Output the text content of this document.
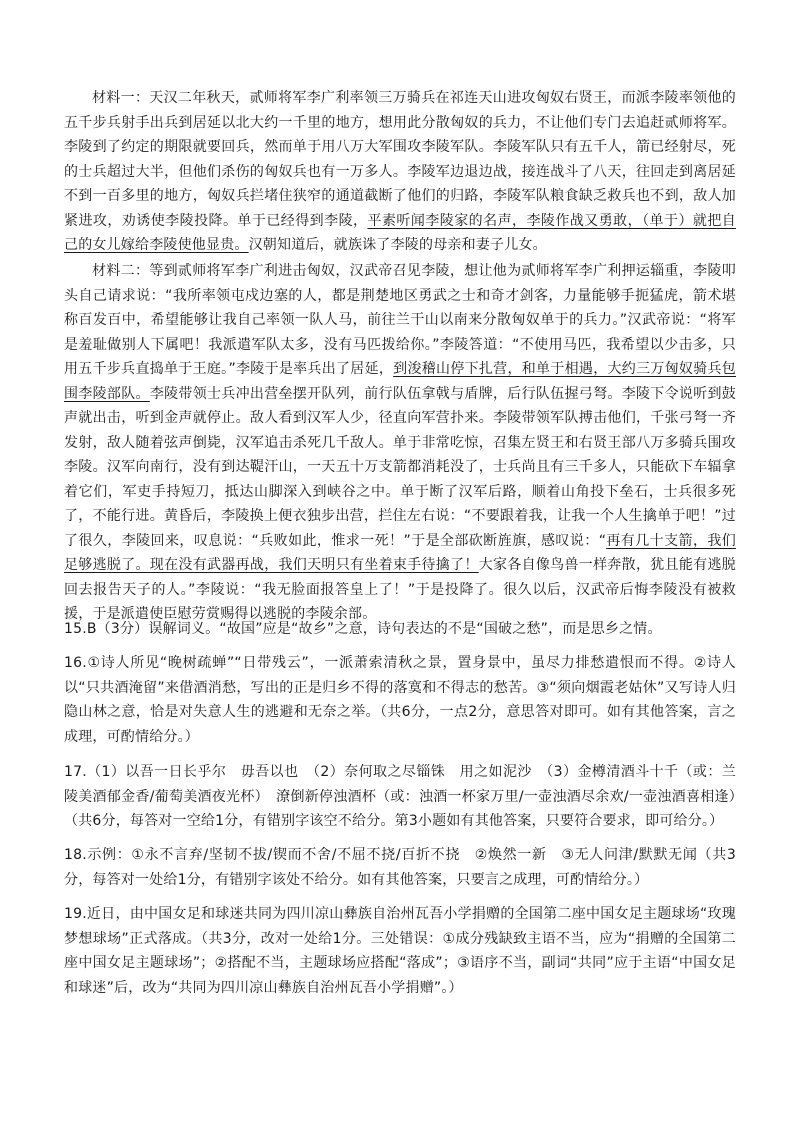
材料一：天汉二年秋天，贰师将军李广利率领三万骑兵在祁连天山进攻匈奴右贤王，而派李陵率领他的五千步兵射手出兵到居延以北大约一千里的地方，想用此分散匈奴的兵力，不让他们专门去追赶贰师将军。李陵到了约定的期限就要回兵，然而单于用八万大军围攻李陵军队。李陵军队只有五千人，箭已经射尽，死的士兵超过大半，但他们杀伤的匈奴兵也有一万多人。李陵军边退边战，接连战斗了八天，往回走到离居延不到一百多里的地方，匈奴兵拦堵住狭窄的通道截断了他们的归路，李陵军队粮食缺乏救兵也不到，敌人加紧进攻，劝诱使李陵投降。单于已经得到李陵，平素听闻李陵家的名声，李陵作战又勇敢，（单于）就把自己的女儿嫁给李陵使他显贵。汉朝知道后，就族诛了李陵的母亲和妻子儿女。

材料二：等到贰师将军李广利进击匈奴，汉武帝召见李陵，想让他为贰师将军李广利押运辎重，李陵叩头自己请求说：“我所率领屯戍边塞的人，都是荆楚地区勇武之士和奇才剑客，力量能够手扼猛虎，箭术堪称百发百中，希望能够让我自己率领一队人马，前往兰干山以南来分散匈奴单于的兵力。”汉武帝说：“将军是羞耻做别人下属吧！我派遣军队太多，没有马匹拨给你。”李陵答道：“不使用马匹，我希望以少击多，只用五千步兵直捣单于王庭。”李陵于是率兵出了居延，到浚稽山停下扎营，和单于相遇，大约三万匈奴骑兵包围李陵部队。李陵带领士兵冲出营垒摆开队列，前行队伍拿戟与盾牌，后行队伍握弓弩。李陵下令说听到鼓声就出击，听到金声就停止。敌人看到汉军人少，径直向军营扑来。李陵带领军队搏击他们，千张弓弩一齐发射，敌人随着弦声倒毙，汉军追击杀死几千敌人。单于非常吃惊，召集左贤王和右贤王部八万多骑兵围攻李陵。汉军向南行，没有到达鞮汗山，一天五十万支箭都消耗没了，士兵尚且有三千多人，只能砍下车辐拿着它们，军吏手持短刀，抵达山脚深入到峡谷之中。单于断了汉军后路，顺着山角投下垒石，士兵很多死了，不能行进。黄昏后，李陵换上便衣独步出营，拦住左右说：“不要跟着我，让我一个人生擒单于吧！”过了很久，李陵回来，叹息说：“兵败如此，惟求一死！”于是全部砍断旌旗，感叹说：“再有几十支箭，我们足够逃脱了。现在没有武器再战，我们天明只有坐着束手待擒了！大家各自像鸟兽一样奔散，犹且能有逃脱回去报告天子的人。”李陵说：“我无脸面报答皇上了！”于是投降了。很久以后，汉武帝后悔李陵没有被救援，于是派遣使臣慰劳赏赐得以逃脱的李陵余部。

15.B（3分）误解词义。“故国”应是“故乡”之意，诗句表达的不是“国破之愁”，而是思乡之情。

16.①诗人所见“晚树疏蝉”“日带残云”，一派萧索清秋之景，置身景中，虽尽力排愁遣恨而不得。②诗人以“只共酒淹留”来借酒消愁，写出的正是归乡不得的落寞和不得志的愁苦。③“须向烟霞老姑休”又写诗人归隐山林之意，恰是对失意人生的逃避和无奈之举。（共6分，一点2分，意思答对即可。如有其他答案，言之成理，可酌情给分。）

17.（1）以吾一日长乎尔　毋吾以也　（2）奈何取之尽锱铢　用之如泥沙　（3）金樽清酒斗十千（或：兰陵美酒郁金香/葡萄美酒夜光杯）　潦倒新停浊酒杯（或：浊酒一杯家万里/一壶浊酒尽余欢/一壶浊酒喜相逢）（共6分，每答对一空给1分，有错别字该空不给分。第3小题如有其他答案，只要符合要求，即可给分。）

18.示例：①永不言弃/坚韧不拔/锲而不舍/不屈不挠/百折不挠　②焕然一新　③无人问津/默默无闻（共3分，每答对一处给1分，有错别字该处不给分。如有其他答案，只要言之成理，可酌情给分。）

19.近日，由中国女足和球迷共同为四川凉山彝族自治州瓦吾小学捐赠的全国第二座中国女足主题球场“玫瑰梦想球场”正式落成。（共3分，改对一处给1分。三处错误：①成分残缺致主语不当，应为“捐赠的全国第二座中国女足主题球场”；②搭配不当，主题球场应搭配“落成”；③语序不当，副词“共同”应于主语“中国女足和球迷”后，改为“共同为四川凉山彝族自治州瓦吾小学捐赠”。）
